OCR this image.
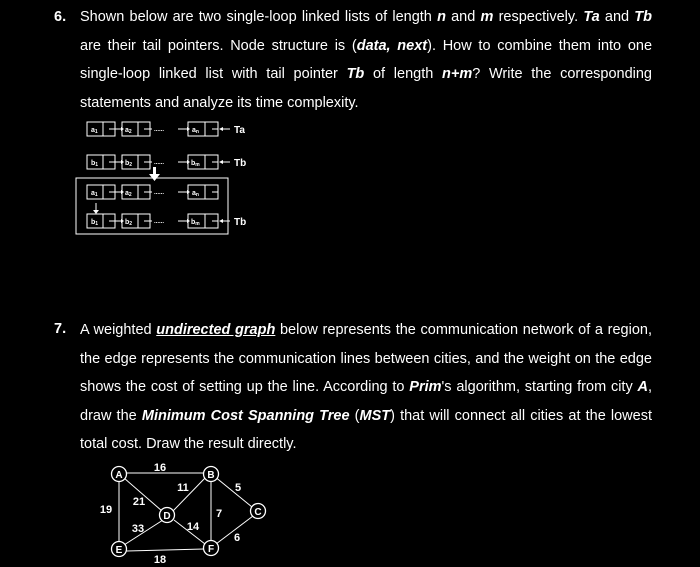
6. Shown below are two single-loop linked lists of length n and m respectively. Ta and Tb are their tail pointers. Node structure is (data, next). How to combine them into one single-loop linked list with tail pointer Tb of length n+m? Write the corresponding statements and analyze its time complexity.
a1	a2	an
b1	b2	bm
a1	a2	an
b1	b2	bm
......
......
......
......
Ta
Tb
Tb
7. A weighted undirected graph below represents the communication network of a region, the edge represents the communication lines between cities, and the weight on the edge shows the cost of setting up the line. According to Prim's algorithm, starting from city A, draw the Minimum Cost Spanning Tree (MST) that will connect all cities at the lowest total cost. Draw the result directly.
A	B
C
D
E	F
16
19
21
11	5
7
6
33	14
18
